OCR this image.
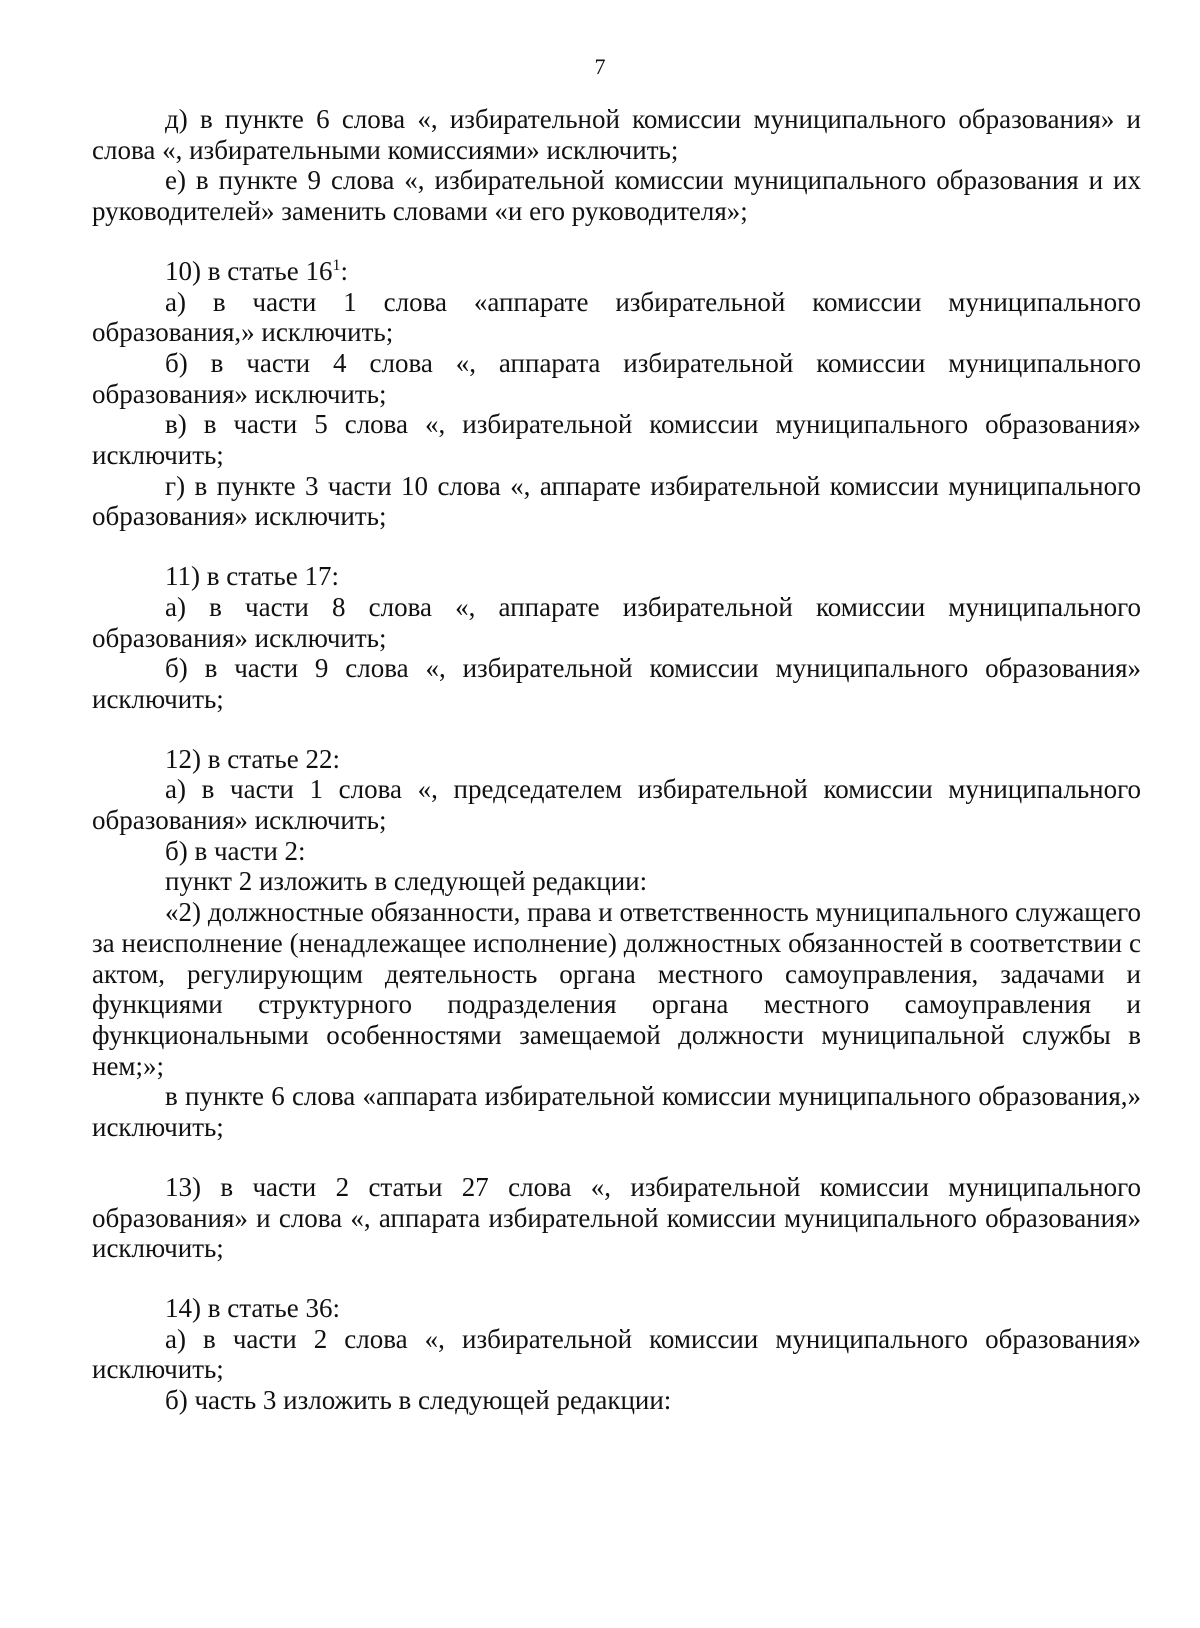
7

д) в пункте 6 слова «, избирательной комиссии муниципального образования» и слова «, избирательными комиссиями» исключить;

е) в пункте 9 слова «, избирательной комиссии муниципального образования и их руководителей» заменить словами «и его руководителя»;

10) в статье $16^1$:

а) в части 1 слова «аппарате избирательной комиссии муниципального образования,» исключить;

б) в части 4 слова «, аппарата избирательной комиссии муниципального образования» исключить;

в) в части 5 слова «, избирательной комиссии муниципального образования» исключить;

г) в пункте 3 части 10 слова «, аппарате избирательной комиссии муниципального образования» исключить;

11) в статье 17:

а) в части 8 слова «, аппарате избирательной комиссии муниципального образования» исключить;

б) в части 9 слова «, избирательной комиссии муниципального образования» исключить;

12) в статье 22:

а) в части 1 слова «, председателем избирательной комиссии муниципального образования» исключить;

б) в части 2:

пункт 2 изложить в следующей редакции:

«2) должностные обязанности, права и ответственность муниципального служащего за неисполнение (ненадлежащее исполнение) должностных обязанностей в соответствии с актом, регулирующим деятельность органа местного самоуправления, задачами и функциями структурного подразделения органа местного самоуправления и функциональными особенностями замещаемой должности муниципальной службы в нем;»;

в пункте 6 слова «аппарата избирательной комиссии муниципального образования,» исключить;

13) в части 2 статьи 27 слова «, избирательной комиссии муниципального образования» и слова «, аппарата избирательной комиссии муниципального образования» исключить;

14) в статье 36:

а) в части 2 слова «, избирательной комиссии муниципального образования» исключить;

б) часть 3 изложить в следующей редакции:
